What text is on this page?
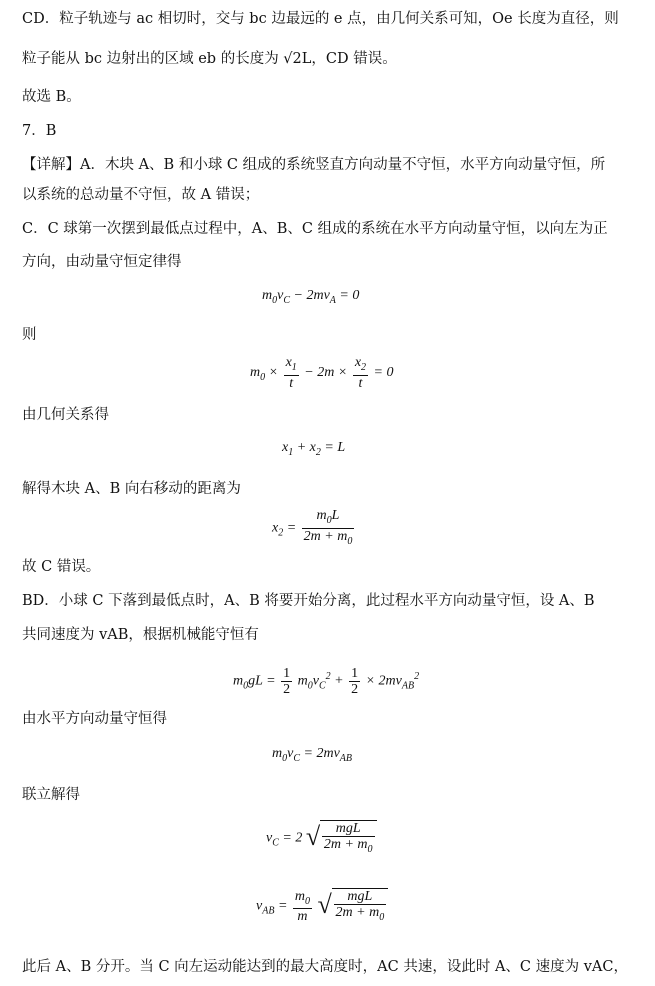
CD．粒子轨迹与 ac 相切时，交与 bc 边最远的 e 点，由几何关系可知，Oe 长度为直径，则
粒子能从 bc 边射出的区域 eb 的长度为 √2L，CD 错误。
故选 B。
7．B
【详解】A．木块 A、B 和小球 C 组成的系统竖直方向动量不守恒，水平方向动量守恒，所
以系统的总动量不守恒，故 A 错误；
C．C 球第一次摆到最低点过程中，A、B、C 组成的系统在水平方向动量守恒，以向左为正
方向，由动量守恒定律得
$m_0v_C - 2mv_A = 0$
则
$m_0 \times \frac{x_1}{t} - 2m \times \frac{x_2}{t} = 0$
由几何关系得
$x_1 + x_2 = L$
解得木块 A、B 向右移动的距离为
$x_2 = \frac{m_0L}{2m + m_0}$
故 C 错误。
BD．小球 C 下落到最低点时，A、B 将要开始分离，此过程水平方向动量守恒，设 A、B
共同速度为 vAB，根据机械能守恒有
$m_0gL = \frac{1}{2} m_0v_C^2 + \frac{1}{2} \times 2mv_{AB}^2$
由水平方向动量守恒得
$m_0v_C = 2mv_{AB}$
联立解得
$v_C = 2$ √ $\frac{\text{mgL}}{2m + m_0}$
$v_{AB} = \frac{m_0}{m}$
√ $\frac{\text{mgL}}{2m + m_0}$
此后 A、B 分开。当 C 向左运动能达到的最大高度时，AC 共速，设此时 A、C 速度为 vAC，
